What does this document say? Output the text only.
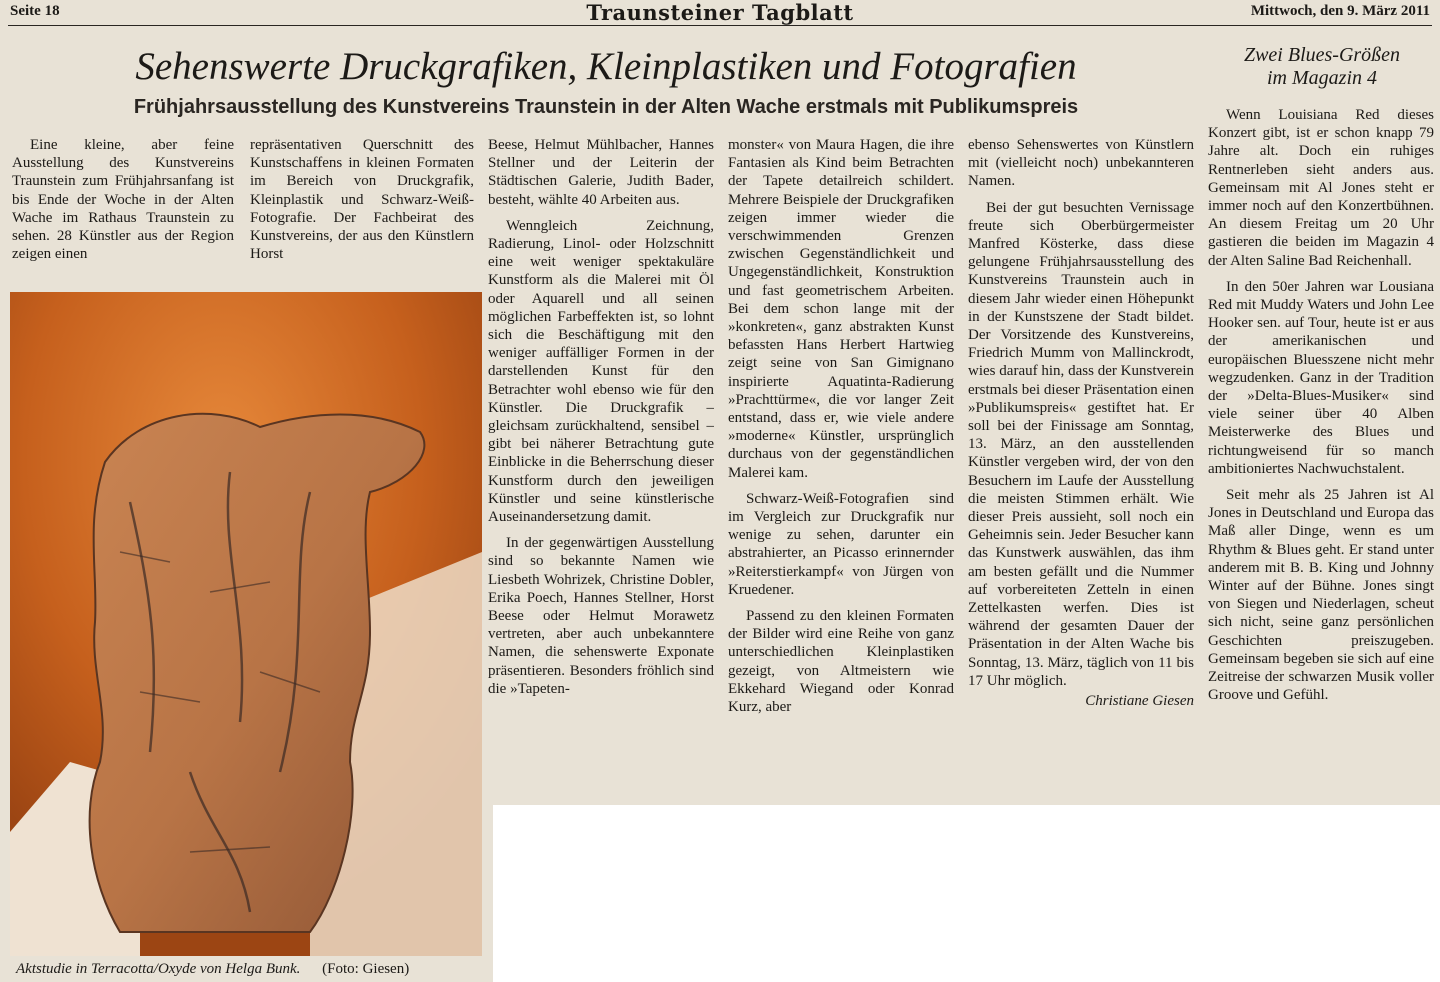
Seite 18	Traunsteiner Tagblatt	Mittwoch, den 9. März 2011
Sehenswerte Druckgrafiken, Kleinplastiken und Fotografien
Frühjahrsausstellung des Kunstvereins Traunstein in der Alten Wache erstmals mit Publikumspreis

Eine kleine, aber feine Ausstellung des Kunstvereins Traunstein zum Frühjahrsanfang ist bis Ende der Woche in der Alten Wache im Rathaus Traunstein zu sehen. 28 Künstler aus der Region zeigen einen

repräsentativen Querschnitt des Kunstschaffens in kleinen Formaten im Bereich von Druckgrafik, Kleinplastik und Schwarz-Weiß-Fotografie. Der Fachbeirat des Kunstvereins, der aus den Künstlern Horst

Beese, Helmut Mühlbacher, Hannes Stellner und der Leiterin der Städtischen Galerie, Judith Bader, besteht, wählte 40 Arbeiten aus.

Wenngleich Zeichnung, Radierung, Linol- oder Holzschnitt eine weit weniger spektakuläre Kunstform als die Malerei mit Öl oder Aquarell und all seinen möglichen Farbeffekten ist, so lohnt sich die Beschäftigung mit den weniger auffälliger Formen in der darstellenden Kunst für den Betrachter wohl ebenso wie für den Künstler. Die Druckgrafik – gleichsam zurückhaltend, sensibel – gibt bei näherer Betrachtung gute Einblicke in die Beherrschung dieser Kunstform durch den jeweiligen Künstler und seine künstlerische Auseinandersetzung damit.

In der gegenwärtigen Ausstellung sind so bekannte Namen wie Liesbeth Wohrizek, Christine Dobler, Erika Poech, Hannes Stellner, Horst Beese oder Helmut Morawetz vertreten, aber auch unbekanntere Namen, die sehenswerte Exponate präsentieren. Besonders fröhlich sind die »Tapeten-

monster« von Maura Hagen, die ihre Fantasien als Kind beim Betrachten der Tapete detailreich schildert. Mehrere Beispiele der Druckgrafiken zeigen immer wieder die verschwimmenden Grenzen zwischen Gegenständlichkeit und Ungegenständlichkeit, Konstruktion und fast geometrischem Arbeiten. Bei dem schon lange mit der »konkreten«, ganz abstrakten Kunst befassten Hans Herbert Hartwieg zeigt seine von San Gimignano inspirierte Aquatinta-Radierung »Prachttürme«, die vor langer Zeit entstand, dass er, wie viele andere »moderne« Künstler, ursprünglich durchaus von der gegenständlichen Malerei kam.

Schwarz-Weiß-Fotografien sind im Vergleich zur Druckgrafik nur wenige zu sehen, darunter ein abstrahierter, an Picasso erinnernder »Reiterstierkampf« von Jürgen von Kruedener.

Passend zu den kleinen Formaten der Bilder wird eine Reihe von ganz unterschiedlichen Kleinplastiken gezeigt, von Altmeistern wie Ekkehard Wiegand oder Konrad Kurz, aber

ebenso Sehenswertes von Künstlern mit (vielleicht noch) unbekannteren Namen.

Bei der gut besuchten Vernissage freute sich Oberbürgermeister Manfred Kösterke, dass diese gelungene Frühjahrsausstellung des Kunstvereins Traunstein auch in diesem Jahr wieder einen Höhepunkt in der Kunstszene der Stadt bildet. Der Vorsitzende des Kunstvereins, Friedrich Mumm von Mallinckrodt, wies darauf hin, dass der Kunstverein erstmals bei dieser Präsentation einen »Publikumspreis« gestiftet hat. Er soll bei der Finissage am Sonntag, 13. März, an den ausstellenden Künstler vergeben wird, der von den Besuchern im Laufe der Ausstellung die meisten Stimmen erhält. Wie dieser Preis aussieht, soll noch ein Geheimnis sein. Jeder Besucher kann das Kunstwerk auswählen, das ihm am besten gefällt und die Nummer auf vorbereiteten Zetteln in einen Zettelkasten werfen. Dies ist während der gesamten Dauer der Präsentation in der Alten Wache bis Sonntag, 13. März, täglich von 11 bis 17 Uhr möglich.

Christiane Giesen

Zwei Blues-Größen
im Magazin 4

Wenn Louisiana Red dieses Konzert gibt, ist er schon knapp 79 Jahre alt. Doch ein ruhiges Rentnerleben sieht anders aus. Gemeinsam mit Al Jones steht er immer noch auf den Konzertbühnen. An diesem Freitag um 20 Uhr gastieren die beiden im Magazin 4 der Alten Saline Bad Reichenhall.

In den 50er Jahren war Lousiana Red mit Muddy Waters und John Lee Hooker sen. auf Tour, heute ist er aus der amerikanischen und europäischen Bluesszene nicht mehr wegzudenken. Ganz in der Tradition der »Delta-Blues-Musiker« sind viele seiner über 40 Alben Meisterwerke des Blues und richtungweisend für so manch ambitioniertes Nachwuchstalent.

Seit mehr als 25 Jahren ist Al Jones in Deutschland und Europa das Maß aller Dinge, wenn es um Rhythm & Blues geht. Er stand unter anderem mit B. B. King und Johnny Winter auf der Bühne. Jones singt von Siegen und Niederlagen, scheut sich nicht, seine ganz persönlichen Geschichten preiszugeben. Gemeinsam begeben sie sich auf eine Zeitreise der schwarzen Musik voller Groove und Gefühl.

Aktstudie in Terracotta/Oxyde von Helga Bunk. (Foto: Giesen)
